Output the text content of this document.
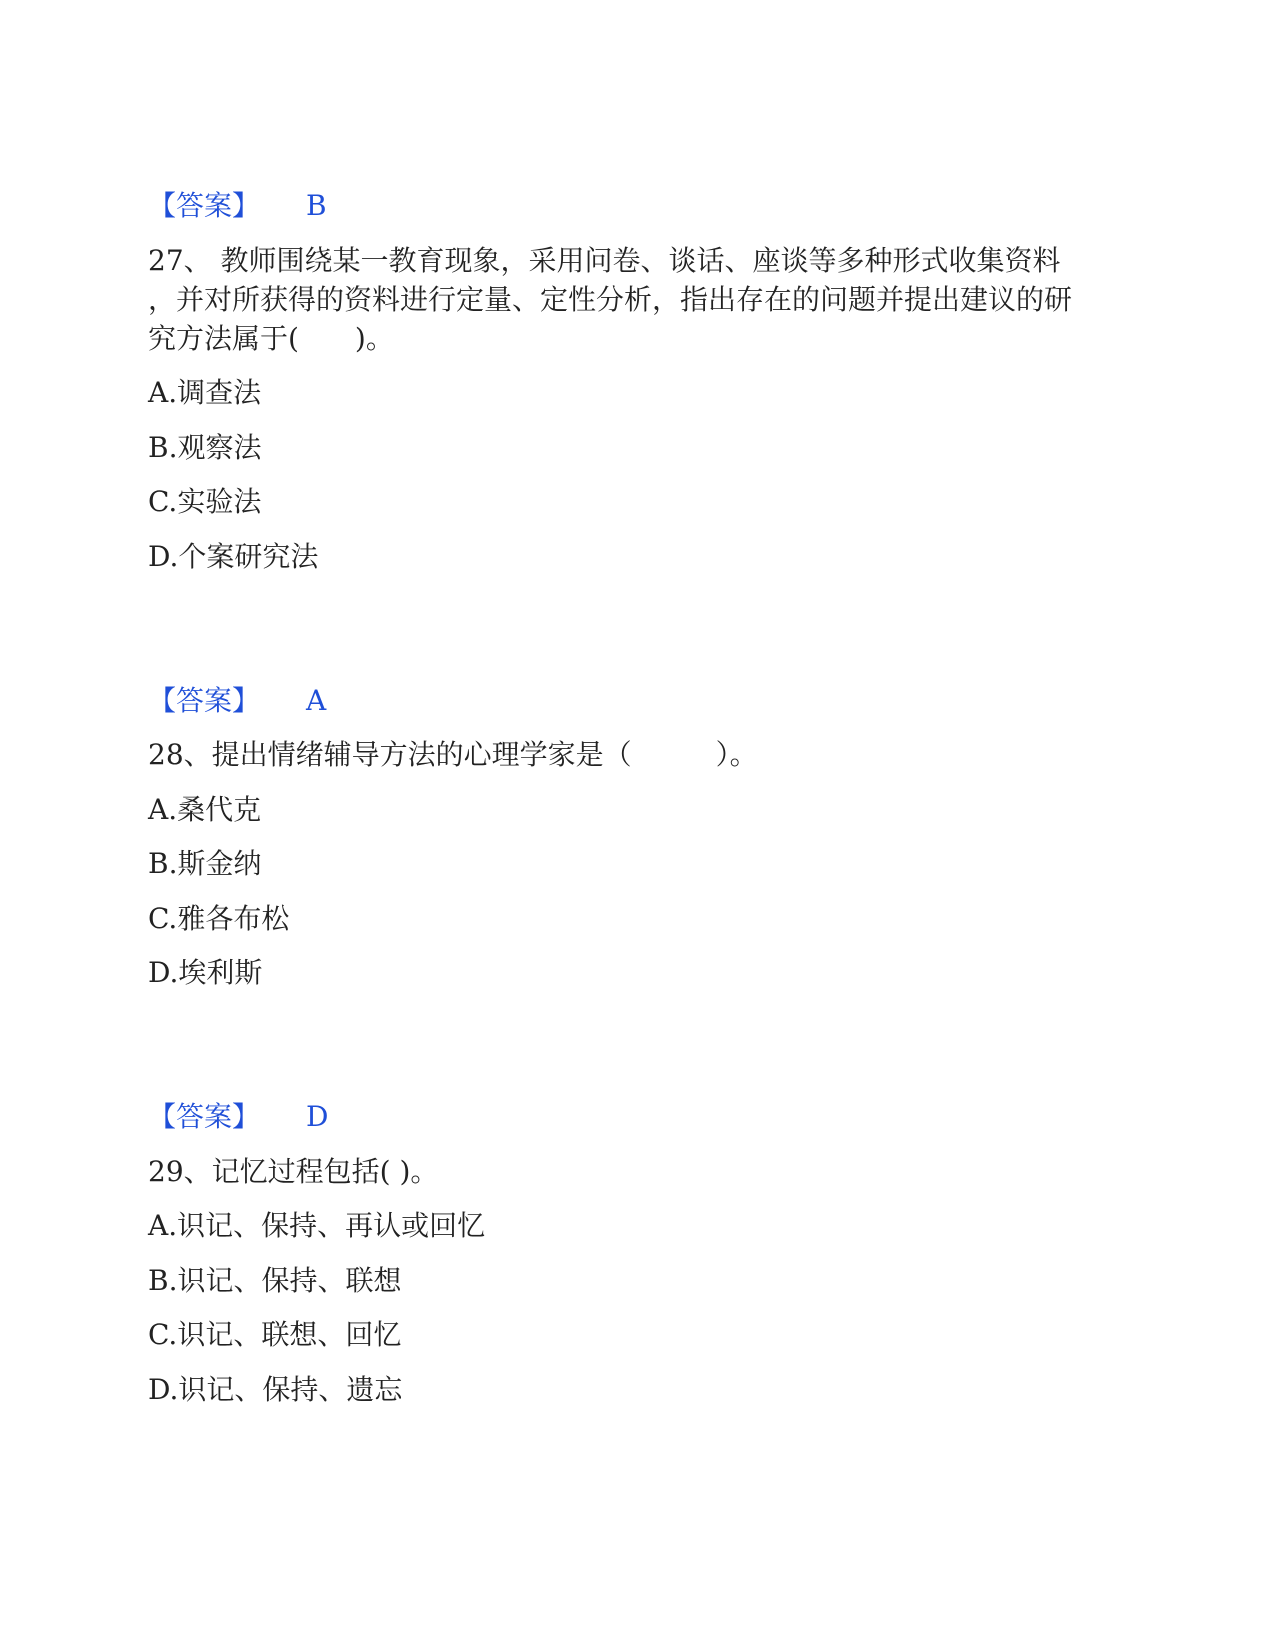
【答案】 B
27、 教师围绕某一教育现象，采用问卷、谈话、座谈等多种形式收集资料
，并对所获得的资料进行定量、定性分析，指出存在的问题并提出建议的研
究方法属于(　　)。
A.调查法
B.观察法
C.实验法
D.个案研究法
【答案】 A
28、提出情绪辅导方法的心理学家是（　　　）。
A.桑代克
B.斯金纳
C.雅各布松
D.埃利斯
【答案】 D
29、记忆过程包括( )。
A.识记、保持、再认或回忆
B.识记、保持、联想
C.识记、联想、回忆
D.识记、保持、遗忘
